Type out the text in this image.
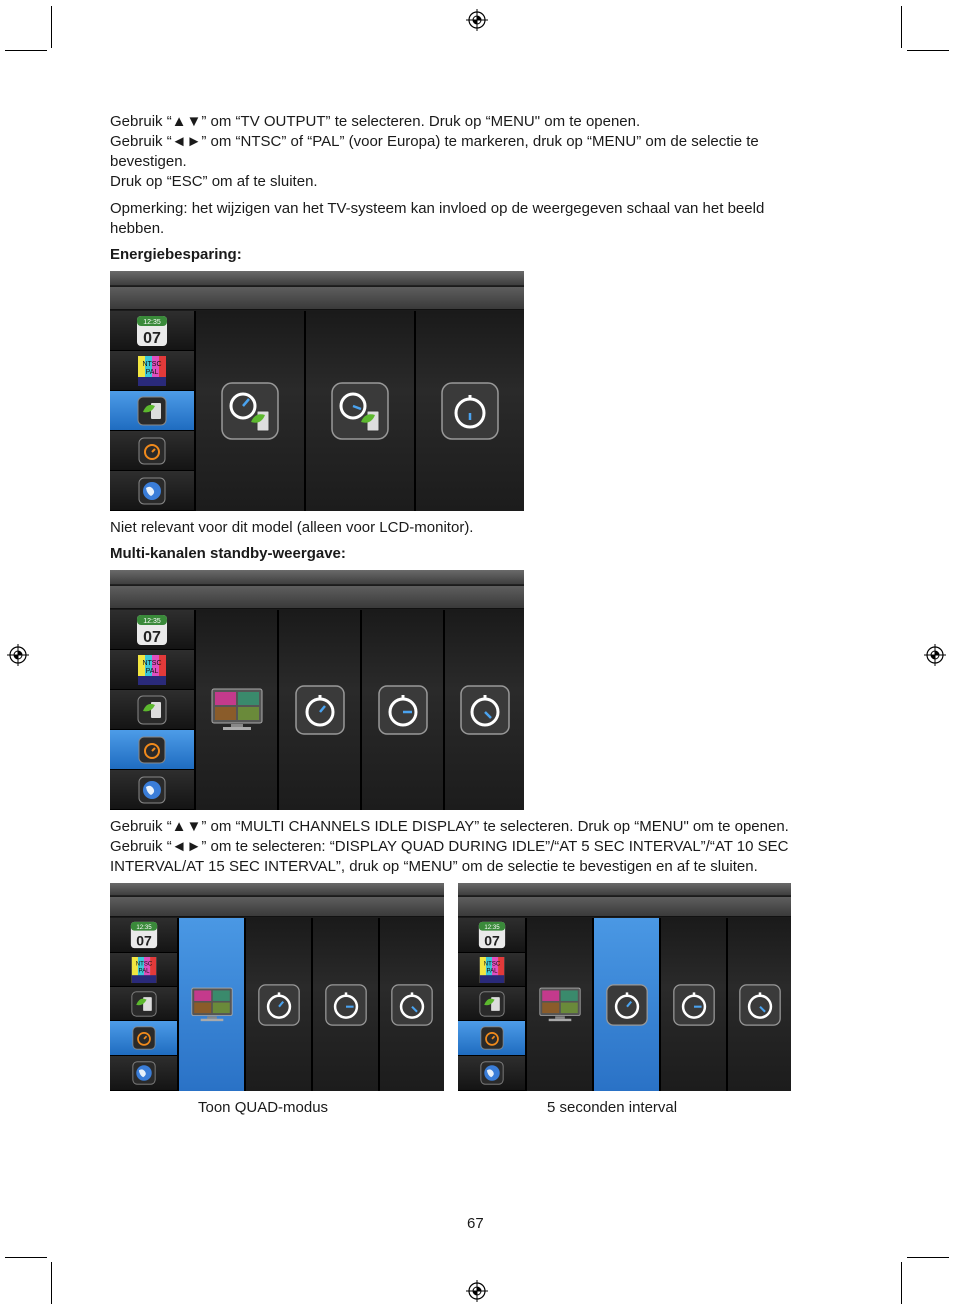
Gebruik “▲▼” om “TV OUTPUT” te selecteren. Druk op “MENU" om te openen.
Gebruik “◄►” om “NTSC” of “PAL” (voor Europa) te markeren, druk op “MENU” om de selectie te
bevestigen.
Druk op “ESC” om af te sluiten.
Opmerking: het wijzigen van het TV-systeem kan invloed op de weergegeven schaal van het beeld
hebben.
Energiebesparing:
12:35
07
NTSC
PAL
Niet relevant voor dit model (alleen voor LCD-monitor).
Multi-kanalen standby-weergave:
12:35
07
NTSC
PAL
Gebruik “▲▼” om “MULTI CHANNELS IDLE DISPLAY” te selecteren. Druk op “MENU" om te openen.
Gebruik “◄►” om te selecteren: “DISPLAY QUAD DURING IDLE”/“AT 5 SEC INTERVAL”/“AT 10 SEC
INTERVAL/AT 15 SEC INTERVAL”, druk op “MENU” om de selectie te bevestigen en af te sluiten.
12:35
07
NTSC
PAL
12:35
07
NTSC
PAL
Toon QUAD-modus	5 seconden interval
67
